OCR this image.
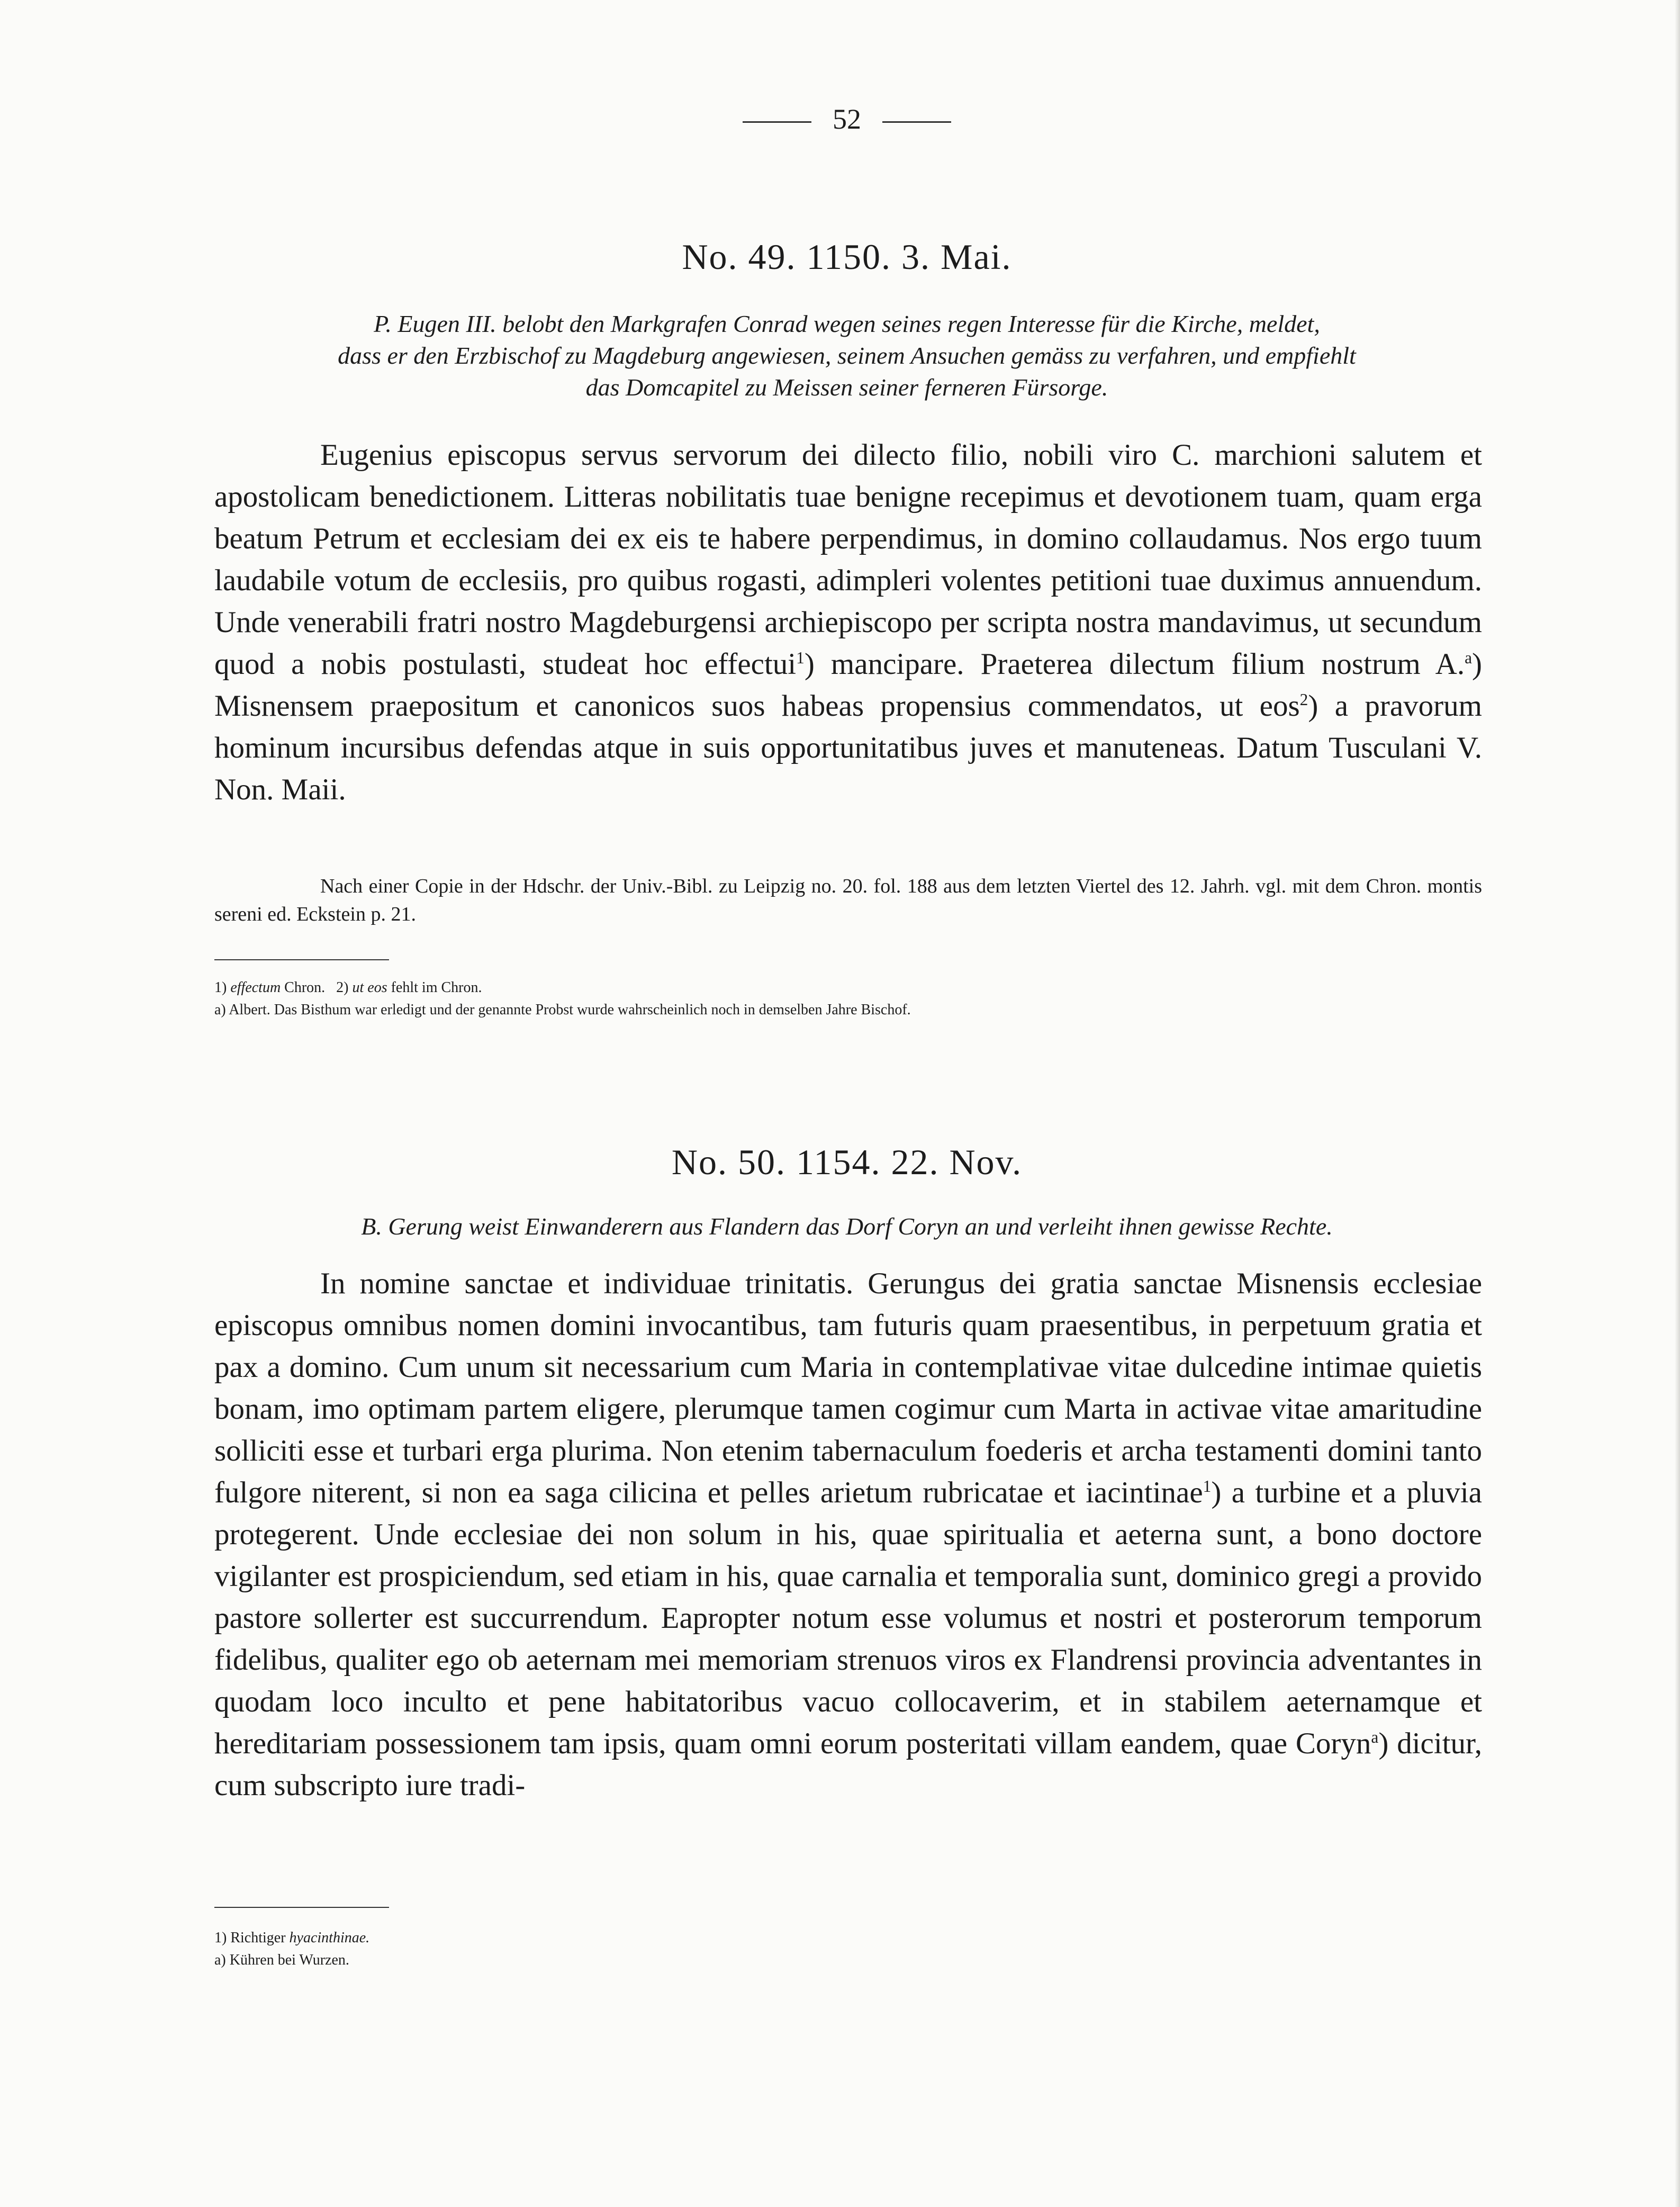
52
No. 49. 1150. 3. Mai.
P. Eugen III. belobt den Markgrafen Conrad wegen seines regen Interesse für die Kirche, meldet,
dass er den Erzbischof zu Magdeburg angewiesen, seinem Ansuchen gemäss zu verfahren, und empfiehlt
das Domcapitel zu Meissen seiner ferneren Fürsorge.

Eugenius episcopus servus servorum dei dilecto filio, nobili viro C. marchioni salutem et apostolicam benedictionem. Litteras nobilitatis tuae benigne recepimus et devotionem tuam, quam erga beatum Petrum et ecclesiam dei ex eis te habere perpendimus, in domino collaudamus. Nos ergo tuum laudabile votum de ecclesiis, pro quibus rogasti, adimpleri volentes petitioni tuae duximus annuendum. Unde venerabili fratri nostro Magdeburgensi archiepiscopo per scripta nostra mandavimus, ut secundum quod a nobis postulasti, studeat hoc effectui$^1$) mancipare. Praeterea dilectum filium nostrum A.$^a$) Misnensem praepositum et canonicos suos habeas propensius commendatos, ut eos$^2$) a pravorum hominum incursibus defendas atque in suis opportunitatibus juves et manuteneas. Datum Tusculani V. Non. Maii.

Nach einer Copie in der Hdschr. der Univ.-Bibl. zu Leipzig no. 20. fol. 188 aus dem letzten Viertel des 12. Jahrh. vgl. mit dem Chron. montis sereni ed. Eckstein p. 21.

1) effectum Chron. 2) ut eos fehlt im Chron.
a) Albert. Das Bisthum war erledigt und der genannte Probst wurde wahrscheinlich noch in demselben Jahre Bischof.
No. 50. 1154. 22. Nov.
B. Gerung weist Einwanderern aus Flandern das Dorf Coryn an und verleiht ihnen gewisse Rechte.

In nomine sanctae et individuae trinitatis. Gerungus dei gratia sanctae Misnensis ecclesiae episcopus omnibus nomen domini invocantibus, tam futuris quam praesentibus, in perpetuum gratia et pax a domino. Cum unum sit necessarium cum Maria in contemplativae vitae dulcedine intimae quietis bonam, imo optimam partem eligere, plerumque tamen cogimur cum Marta in activae vitae amaritudine solliciti esse et turbari erga plurima. Non etenim tabernaculum foederis et archa testamenti domini tanto fulgore niterent, si non ea saga cilicina et pelles arietum rubricatae et iacintinae$^1$) a turbine et a pluvia protegerent. Unde ecclesiae dei non solum in his, quae spiritualia et aeterna sunt, a bono doctore vigilanter est prospiciendum, sed etiam in his, quae carnalia et temporalia sunt, dominico gregi a provido pastore sollerter est succurrendum. Eapropter notum esse volumus et nostri et posterorum temporum fidelibus, qualiter ego ob aeternam mei memoriam strenuos viros ex Flandrensi provincia adventantes in quodam loco inculto et pene habitatoribus vacuo collocaverim, et in stabilem aeternamque et hereditariam possessionem tam ipsis, quam omni eorum posteritati villam eandem, quae Coryn$^a$) dicitur, cum subscripto iure tradi-

1) Richtiger hyacinthinae.
a) Kühren bei Wurzen.
